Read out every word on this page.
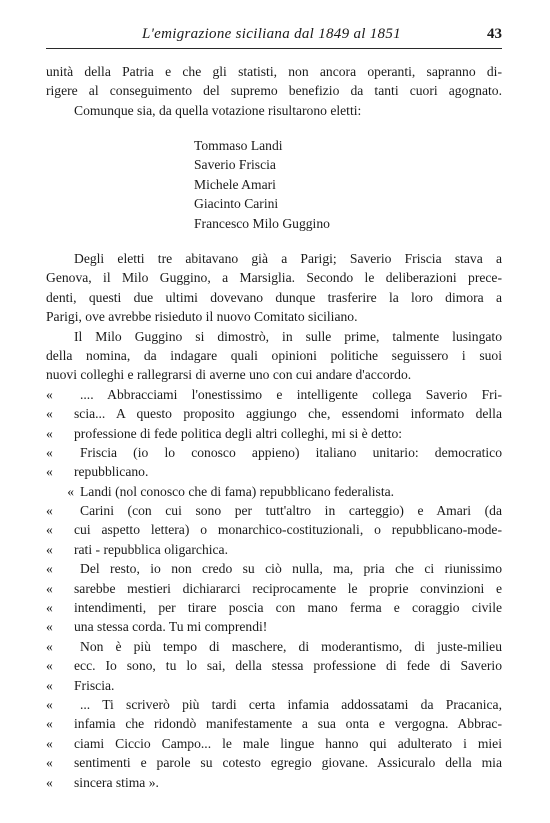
L'emigrazione siciliana dal 1849 al 1851	43
unità della Patria e che gli statisti, non ancora operanti, sapranno di-
rigere al conseguimento del supremo benefizio da tanti cuori agognato.
Comunque sia, da quella votazione risultarono eletti:
Tommaso Landi
Saverio Friscia
Michele Amari
Giacinto Carini
Francesco Milo Guggino
Degli eletti tre abitavano già a Parigi; Saverio Friscia stava a
Genova, il Milo Guggino, a Marsiglia. Secondo le deliberazioni prece-
denti, questi due ultimi dovevano dunque trasferire la loro dimora a
Parigi, ove avrebbe risieduto il nuovo Comitato siciliano.
Il Milo Guggino si dimostrò, in sulle prime, talmente lusingato
della nomina, da indagare quali opinioni politiche seguissero i suoi
nuovi colleghi e rallegrarsi di averne uno con cui andare d'accordo.
« .... Abbracciami l'onestissimo e intelligente collega Saverio Fri-
« scia... A questo proposito aggiungo che, essendomi informato della
« professione di fede politica degli altri colleghi, mi si è detto:
« Friscia (io lo conosco appieno) italiano unitario: democratico
« repubblicano.
« Landi (nol conosco che di fama) repubblicano federalista.
« Carini (con cui sono per tutt'altro in carteggio) e Amari (da
« cui aspetto lettera) o monarchico-costituzionali, o repubblicano-mode-
« rati - repubblica oligarchica.
« Del resto, io non credo su ciò nulla, ma, pria che ci riunissimo
« sarebbe mestieri dichiararci reciprocamente le proprie convinzioni e
« intendimenti, per tirare poscia con mano ferma e coraggio civile
« una stessa corda. Tu mi comprendi!
« Non è più tempo di maschere, di moderantismo, di juste-milieu
« ecc. Io sono, tu lo sai, della stessa professione di fede di Saverio
« Friscia.
« ... Ti scriverò più tardi certa infamia addossatami da Pracanica,
« infamia che ridondò manifestamente a sua onta e vergogna. Abbrac-
« ciami Ciccio Campo... le male lingue hanno qui adulterato i miei
« sentimenti e parole su cotesto egregio giovane. Assicuralo della mia
« sincera stima ».
